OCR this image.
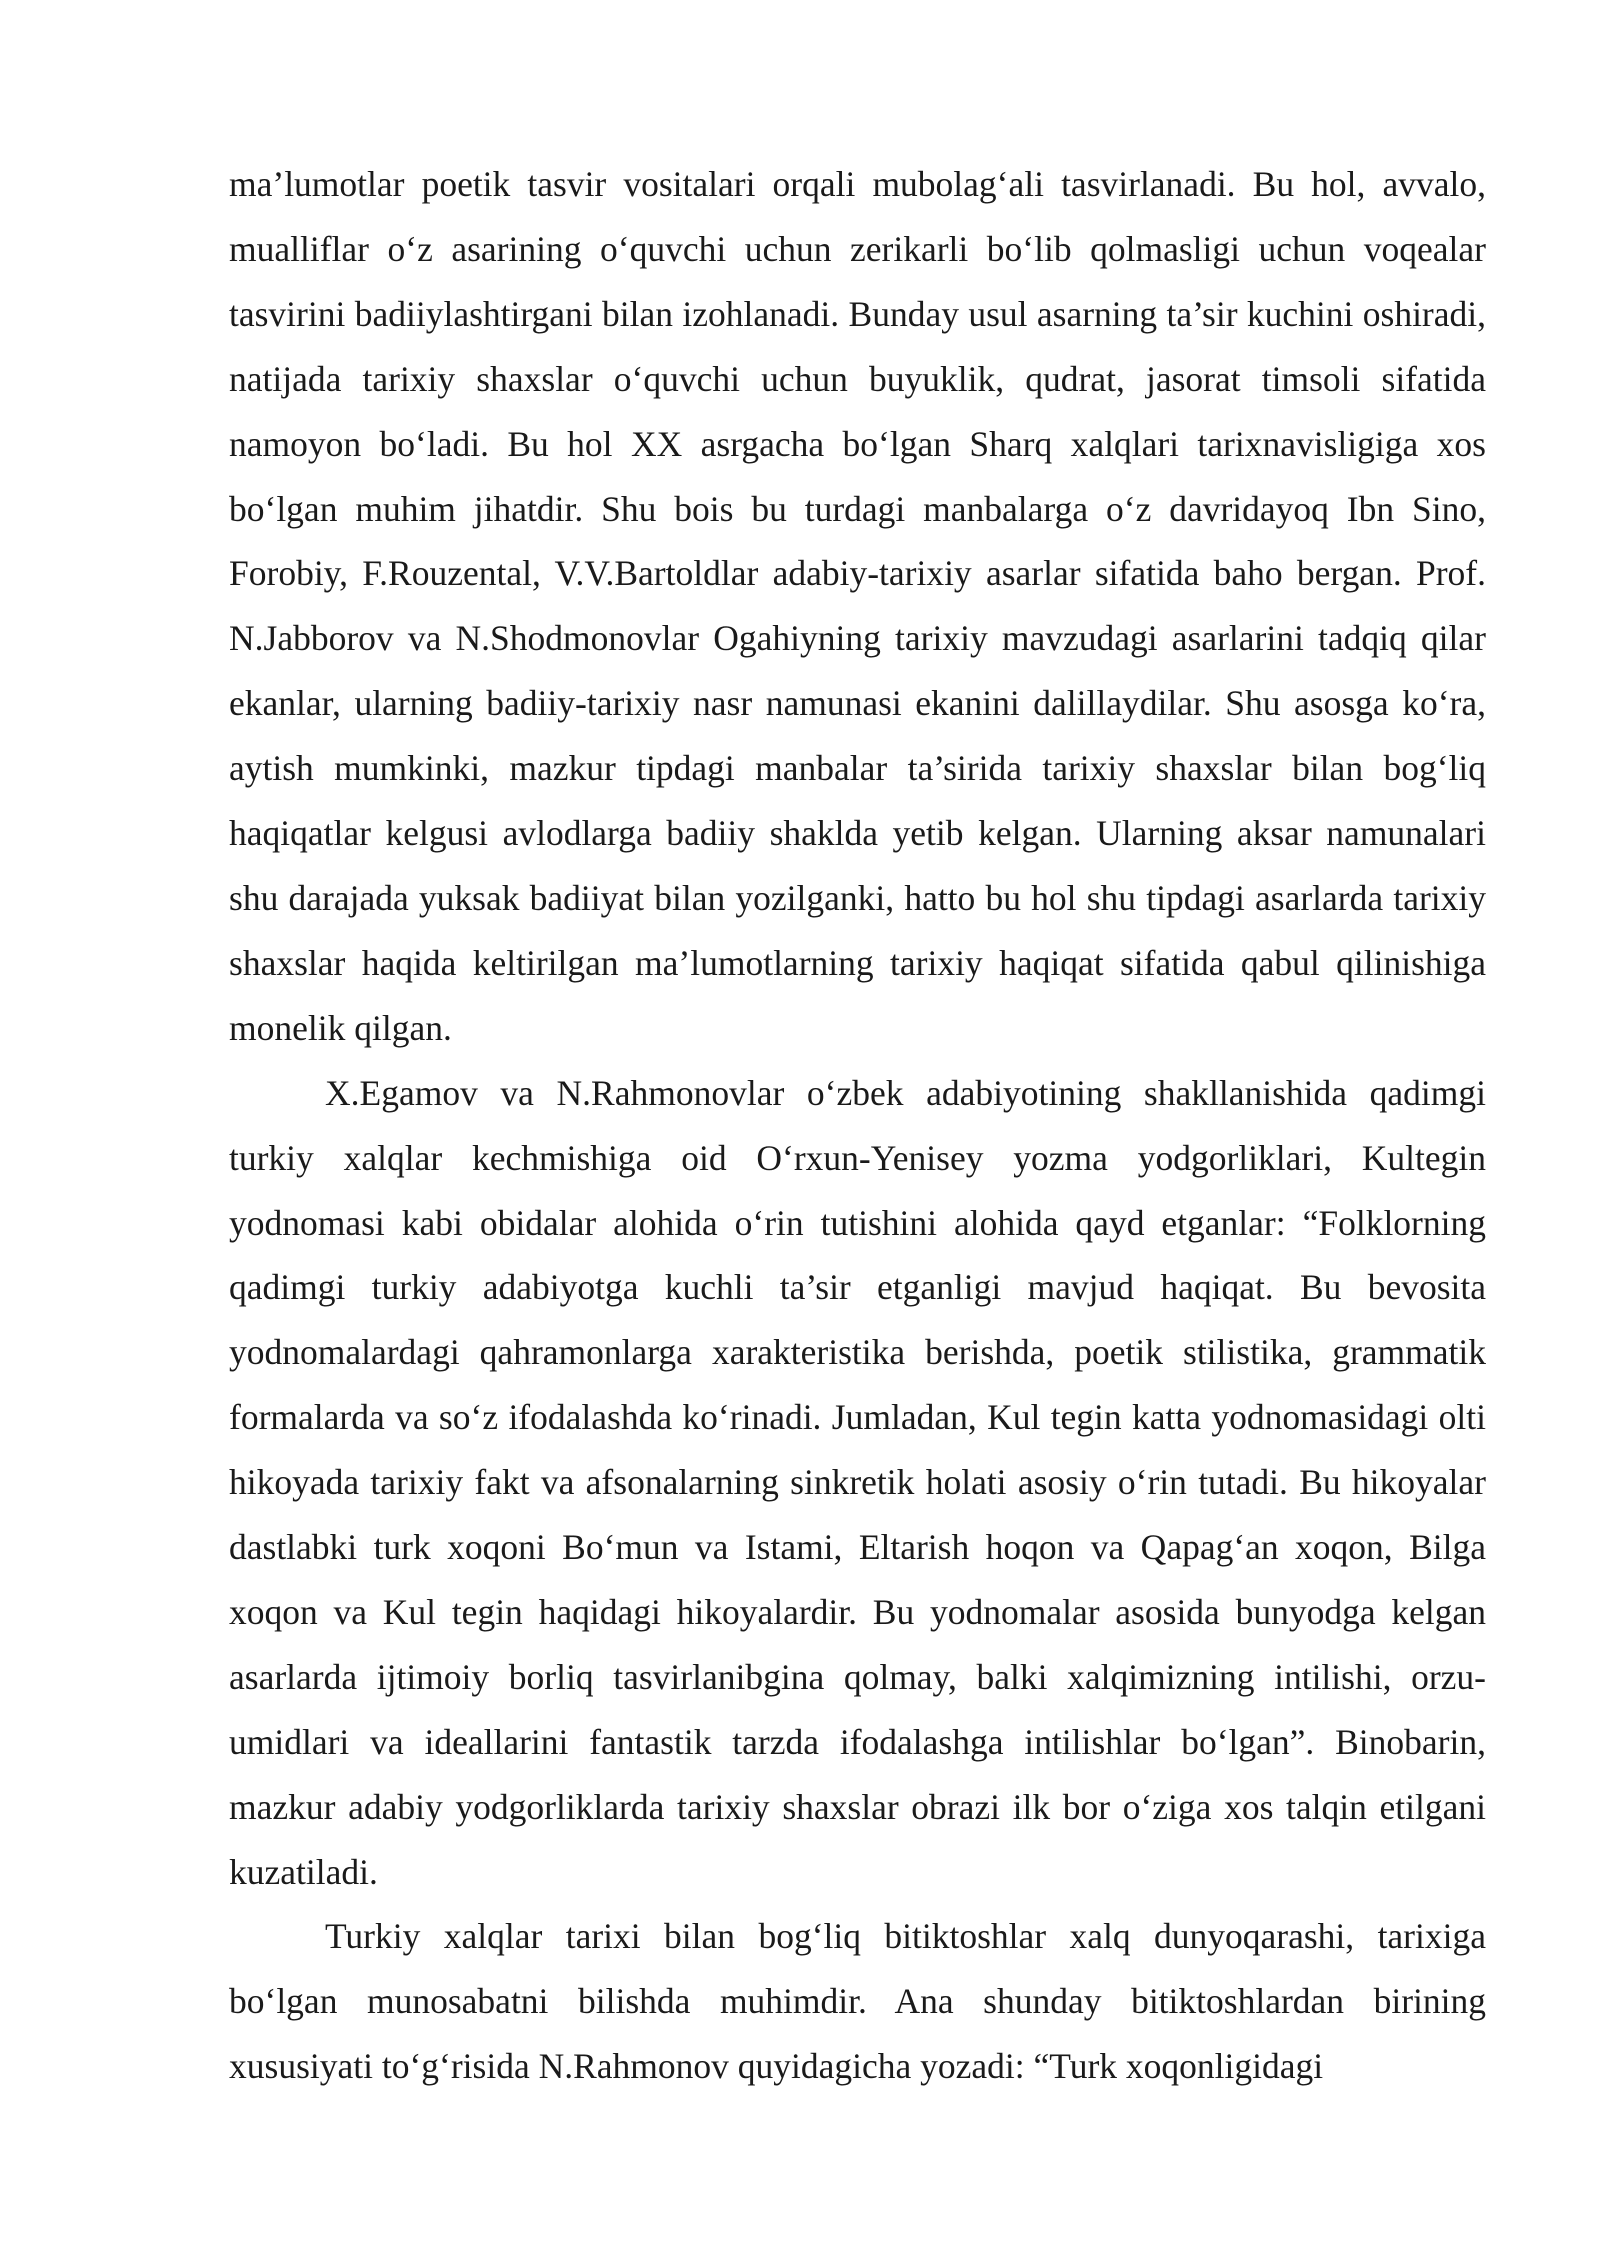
ma’lumotlar poetik tasvir vositalari orqali mubolag‘ali tasvirlanadi. Bu hol, avvalo, mualliflar o‘z asarining o‘quvchi uchun zerikarli bo‘lib qolmasligi uchun voqealar tasvirini badiiylashtirgani bilan izohlanadi. Bunday usul asarning ta’sir kuchini oshiradi, natijada tarixiy shaxslar o‘quvchi uchun buyuklik, qudrat, jasorat timsoli sifatida namoyon bo‘ladi. Bu hol XX asrgacha bo‘lgan Sharq xalqlari tarixnavisligiga xos bo‘lgan muhim jihatdir. Shu bois bu turdagi manbalarga o‘z davridayoq Ibn Sino, Forobiy, F.Rouzental, V.V.Bartoldlar adabiy-tarixiy asarlar sifatida baho bergan. Prof. N.Jabborov va N.Shodmonovlar Ogahiyning tarixiy mavzudagi asarlarini tadqiq qilar ekanlar, ularning badiiy-tarixiy nasr namunasi ekanini dalillaydilar. Shu asosga ko‘ra, aytish mumkinki, mazkur tipdagi manbalar ta’sirida tarixiy shaxslar bilan bog‘liq haqiqatlar kelgusi avlodlarga badiiy shaklda yetib kelgan. Ularning aksar namunalari shu darajada yuksak badiiyat bilan yozilganki, hatto bu hol shu tipdagi asarlarda tarixiy shaxslar haqida keltirilgan ma’lumotlarning tarixiy haqiqat sifatida qabul qilinishiga monelik qilgan.

X.Egamov va N.Rahmonovlar o‘zbek adabiyotining shakllanishida qadimgi turkiy xalqlar kechmishiga oid O‘rxun-Yenisey yozma yodgorliklari, Kultegin yodnomasi kabi obidalar alohida o‘rin tutishini alohida qayd etganlar: “Folklorning qadimgi turkiy adabiyotga kuchli ta’sir etganligi mavjud haqiqat. Bu bevosita yodnomalardagi qahramonlarga xarakteristika berishda, poetik stilistika, grammatik formalarda va so‘z ifodalashda ko‘rinadi. Jumladan, Kul tegin katta yodnomasidagi olti hikoyada tarixiy fakt va afsonalarning sinkretik holati asosiy o‘rin tutadi. Bu hikoyalar dastlabki turk xoqoni Bo‘mun va Istami, Eltarish hoqon va Qapag‘an xoqon, Bilga xoqon va Kul tegin haqidagi hikoyalardir. Bu yodnomalar asosida bunyodga kelgan asarlarda ijtimoiy borliq tasvirlanibgina qolmay, balki xalqimizning intilishi, orzu-umidlari va ideallarini fantastik tarzda ifodalashga intilishlar bo‘lgan”. Binobarin, mazkur adabiy yodgorliklarda tarixiy shaxslar obrazi ilk bor o‘ziga xos talqin etilgani kuzatiladi.

Turkiy xalqlar tarixi bilan bog‘liq bitiktoshlar xalq dunyoqarashi, tarixiga bo‘lgan munosabatni bilishda muhimdir. Ana shunday bitiktoshlardan birining xususiyati to‘g‘risida N.Rahmonov quyidagicha yozadi: “Turk xoqonligidagi
